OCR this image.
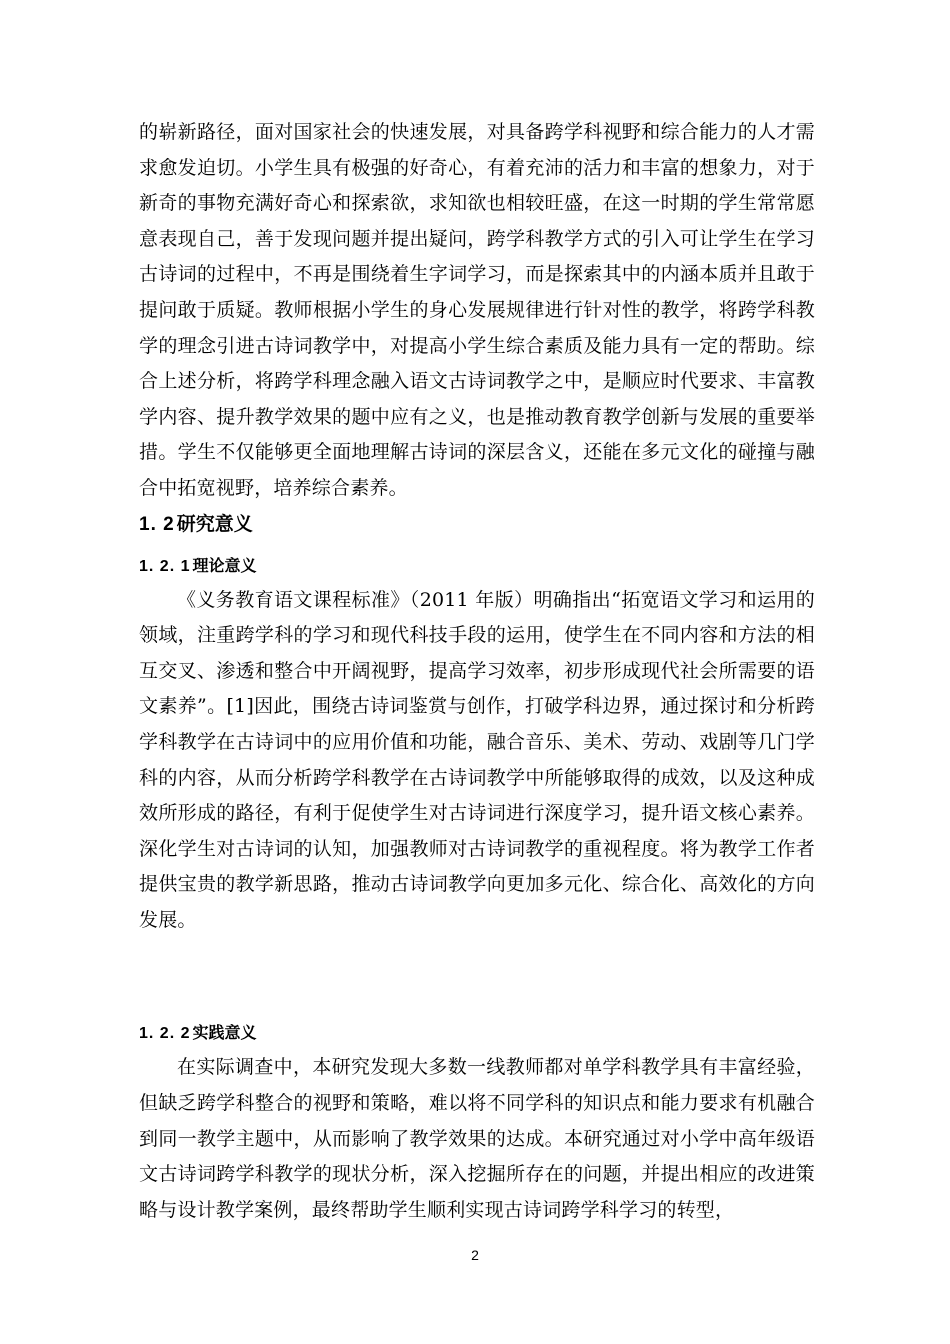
的崭新路径，面对国家社会的快速发展，对具备跨学科视野和综合能力的人才需求愈发迫切。小学生具有极强的好奇心，有着充沛的活力和丰富的想象力，对于新奇的事物充满好奇心和探索欲，求知欲也相较旺盛，在这一时期的学生常常愿意表现自己，善于发现问题并提出疑问，跨学科教学方式的引入可让学生在学习古诗词的过程中，不再是围绕着生字词学习，而是探索其中的内涵本质并且敢于提问敢于质疑。教师根据小学生的身心发展规律进行针对性的教学，将跨学科教学的理念引进古诗词教学中，对提高小学生综合素质及能力具有一定的帮助。综合上述分析，将跨学科理念融入语文古诗词教学之中，是顺应时代要求、丰富教学内容、提升教学效果的题中应有之义，也是推动教育教学创新与发展的重要举措。学生不仅能够更全面地理解古诗词的深层含义，还能在多元文化的碰撞与融合中拓宽视野，培养综合素养。

1. 2 研究意义
1. 2. 1 理论意义

《义务教育语文课程标准》（2011 年版）明确指出“拓宽语文学习和运用的领域，注重跨学科的学习和现代科技手段的运用，使学生在不同内容和方法的相互交叉、渗透和整合中开阔视野，提高学习效率，初步形成现代社会所需要的语文素养”。[1]因此，围绕古诗词鉴赏与创作，打破学科边界，通过探讨和分析跨学科教学在古诗词中的应用价值和功能，融合音乐、美术、劳动、戏剧等几门学科的内容，从而分析跨学科教学在古诗词教学中所能够取得的成效，以及这种成效所形成的路径，有利于促使学生对古诗词进行深度学习，提升语文核心素养。深化学生对古诗词的认知，加强教师对古诗词教学的重视程度。将为教学工作者提供宝贵的教学新思路，推动古诗词教学向更加多元化、综合化、高效化的方向发展。

1. 2. 2 实践意义

在实际调查中，本研究发现大多数一线教师都对单学科教学具有丰富经验，但缺乏跨学科整合的视野和策略，难以将不同学科的知识点和能力要求有机融合到同一教学主题中，从而影响了教学效果的达成。本研究通过对小学中高年级语文古诗词跨学科教学的现状分析，深入挖掘所存在的问题，并提出相应的改进策略与设计教学案例，最终帮助学生顺利实现古诗词跨学科学习的转型，

2
